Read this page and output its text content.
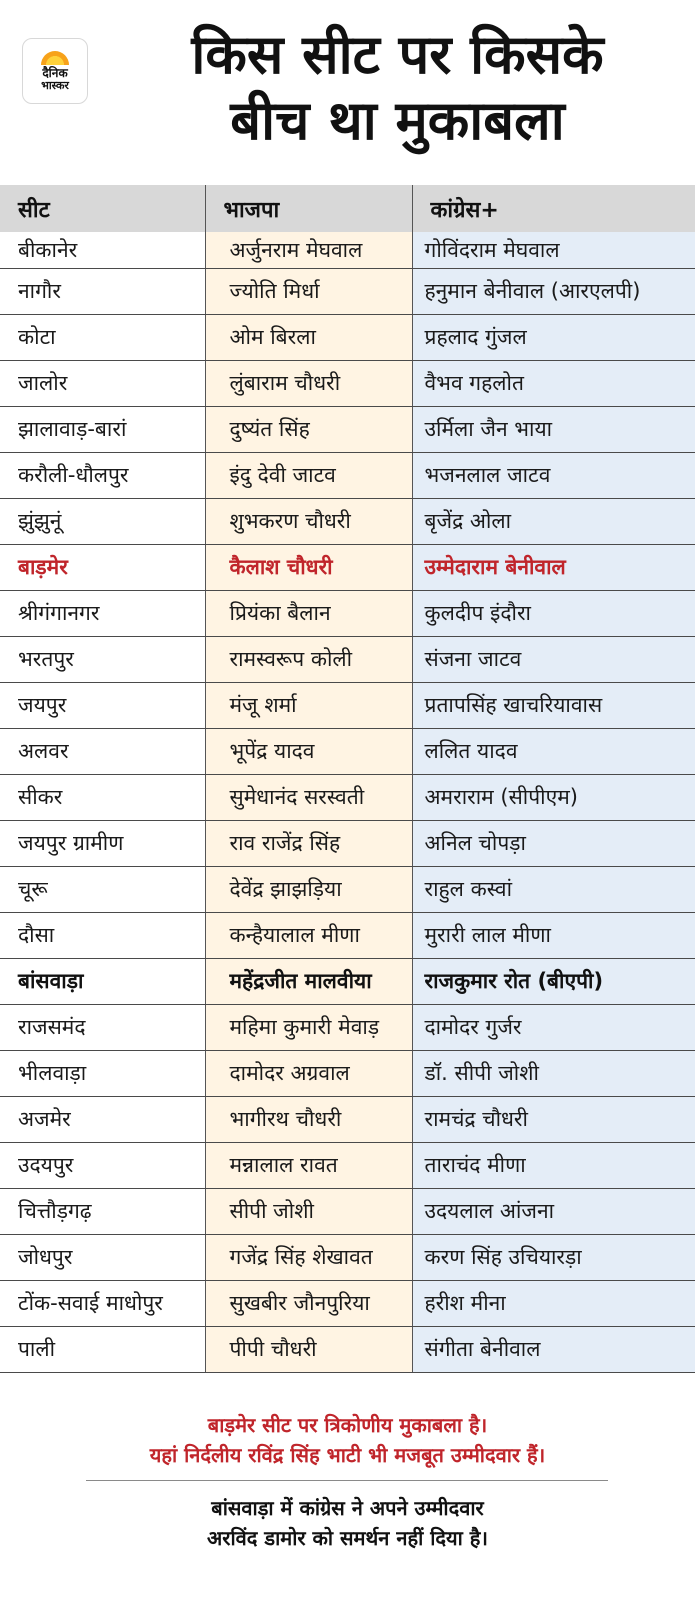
दैनिक
भास्कर	किस सीट पर किसके
बीच था मुकाबला
सीट	भाजपा	कांग्रेस+
बीकानेर	अर्जुनराम मेघवाल	गोविंदराम मेघवाल
नागौर	ज्योति मिर्धा	हनुमान बेनीवाल (आरएलपी)
कोटा	ओम बिरला	प्रहलाद गुंजल
जालोर	लुंबाराम चौधरी	वैभव गहलोत
झालावाड़-बारां	दुष्यंत सिंह	उर्मिला जैन भाया
करौली-धौलपुर	इंदु देवी जाटव	भजनलाल जाटव
झुंझुनूं	शुभकरण चौधरी	बृजेंद्र ओला
बाड़मेर	कैलाश चौधरी	उम्मेदाराम बेनीवाल
श्रीगंगानगर	प्रियंका बैलान	कुलदीप इंदौरा
भरतपुर	रामस्वरूप कोली	संजना जाटव
जयपुर	मंजू शर्मा	प्रतापसिंह खाचरियावास
अलवर	भूपेंद्र यादव	ललित यादव
सीकर	सुमेधानंद सरस्वती	अमराराम (सीपीएम)
जयपुर ग्रामीण	राव राजेंद्र सिंह	अनिल चोपड़ा
चूरू	देवेंद्र झाझड़िया	राहुल कस्वां
दौसा	कन्हैयालाल मीणा	मुरारी लाल मीणा
बांसवाड़ा	महेंद्रजीत मालवीया	राजकुमार रोत (बीएपी)
राजसमंद	महिमा कुमारी मेवाड़	दामोदर गुर्जर
भीलवाड़ा	दामोदर अग्रवाल	डॉ. सीपी जोशी
अजमेर	भागीरथ चौधरी	रामचंद्र चौधरी
उदयपुर	मन्नालाल रावत	ताराचंद मीणा
चित्तौड़गढ़	सीपी जोशी	उदयलाल आंजना
जोधपुर	गजेंद्र सिंह शेखावत	करण सिंह उचियारड़ा
टोंक-सवाई माधोपुर	सुखबीर जौनपुरिया	हरीश मीना
पाली	पीपी चौधरी	संगीता बेनीवाल
बाड़मेर सीट पर त्रिकोणीय मुकाबला है।
यहां निर्दलीय रविंद्र सिंह भाटी भी मजबूत उम्मीदवार हैं।
बांसवाड़ा में कांग्रेस ने अपने उम्मीदवार
अरविंद डामोर को समर्थन नहीं दिया है।
